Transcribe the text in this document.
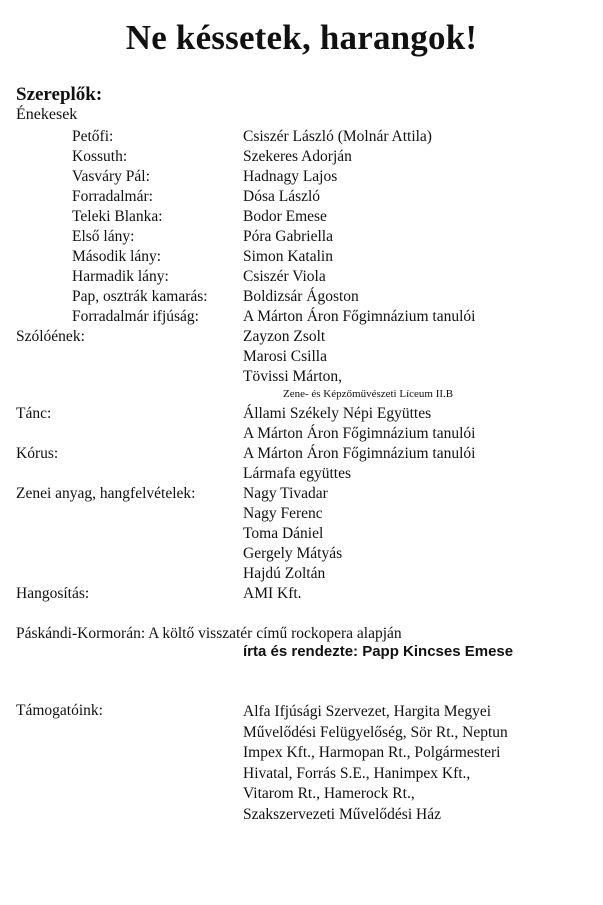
Ne késsetek, harangok!
Szereplők:
Énekesek
Petőfi:	Csiszér László (Molnár Attila)
Kossuth:	Szekeres Adorján
Vasváry Pál:	Hadnagy Lajos
Forradalmár:	Dósa László
Teleki Blanka:	Bodor Emese
Első lány:	Póra Gabriella
Második lány:	Simon Katalin
Harmadik lány:	Csiszér Viola
Pap, osztrák kamarás: Boldizsár Ágoston
Forradalmár ifjúság:	A Márton Áron Főgimnázium tanulói
Szólóének:	Zayzon Zsolt
Marosi Csilla
Tövissi Márton,
Zene- és Képzőművészeti Líceum II.B
Tánc:	Állami Székely Népi Együttes
A Márton Áron Főgimnázium tanulói
Kórus:	A Márton Áron Főgimnázium tanulói
Lármafa együttes
Zenei anyag, hangfelvételek:	Nagy Tivadar
Nagy Ferenc
Toma Dániel
Gergely Mátyás
Hajdú Zoltán
Hangosítás:	AMI Kft.
Páskándi-Kormorán: A költő visszatér című rockopera alapján
írta és rendezte: Papp Kincses Emese
Támogatóink:	Alfa Ifjúsági Szervezet, Hargita Megyei
Művelődési Felügyelőség, Sör Rt., Neptun
Impex Kft., Harmopan Rt., Polgármesteri
Hivatal, Forrás S.E., Hanimpex Kft.,
Vitarom Rt., Hamerock Rt.,
Szakszervezeti Művelődési Ház
